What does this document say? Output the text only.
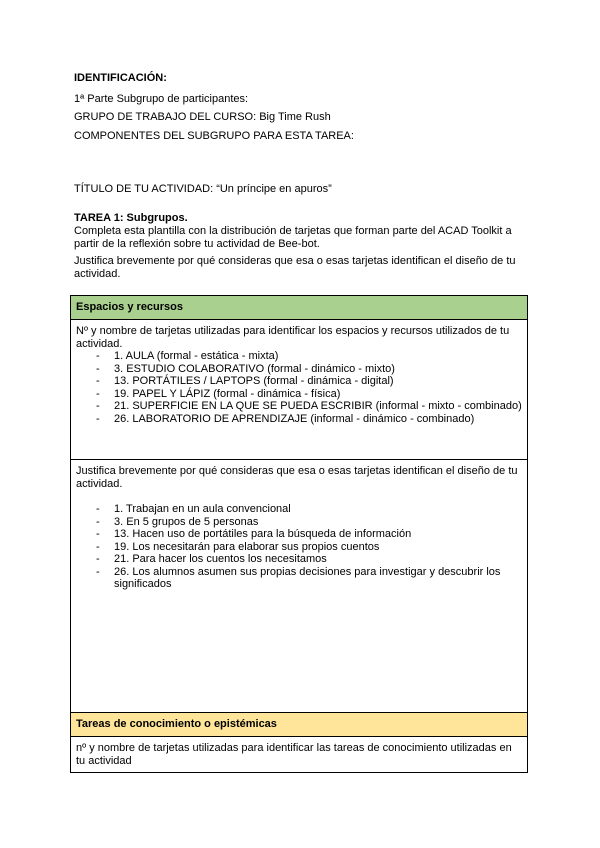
IDENTIFICACIÓN:
1ª Parte Subgrupo de participantes:
GRUPO DE TRABAJO DEL CURSO: Big Time Rush
COMPONENTES DEL SUBGRUPO PARA ESTA TAREA:
TÍTULO DE TU ACTIVIDAD: “Un príncipe en apuros”
TAREA 1: Subgrupos.
Completa esta plantilla con la distribución de tarjetas que forman parte del ACAD Toolkit a partir de la reflexión sobre tu actividad de Bee-bot.
Justifica brevemente por qué consideras que esa o esas tarjetas identifican el diseño de tu actividad.
Espacios y recursos
Nº y nombre de tarjetas utilizadas para identificar los espacios y recursos utilizados de tu actividad.
- 1. AULA (formal - estática - mixta)
- 3. ESTUDIO COLABORATIVO (formal - dinámico - mixto)
- 13. PORTÁTILES / LAPTOPS (formal - dinámica - digital)
- 19. PAPEL Y LÁPIZ (formal - dinámica - física)
- 21. SUPERFICIE EN LA QUE SE PUEDA ESCRIBIR (informal - mixto - combinado)
- 26. LABORATORIO DE APRENDIZAJE (informal - dinámico - combinado)
Justifica brevemente por qué consideras que esa o esas tarjetas identifican el diseño de tu actividad.
- 1. Trabajan en un aula convencional
- 3. En 5 grupos de 5 personas
- 13. Hacen uso de portátiles para la búsqueda de información
- 19. Los necesitarán para elaborar sus propios cuentos
- 21. Para hacer los cuentos los necesitamos
- 26. Los alumnos asumen sus propias decisiones para investigar y descubrir los significados
Tareas de conocimiento o epistémicas
nº y nombre de tarjetas utilizadas para identificar las tareas de conocimiento utilizadas en tu actividad
